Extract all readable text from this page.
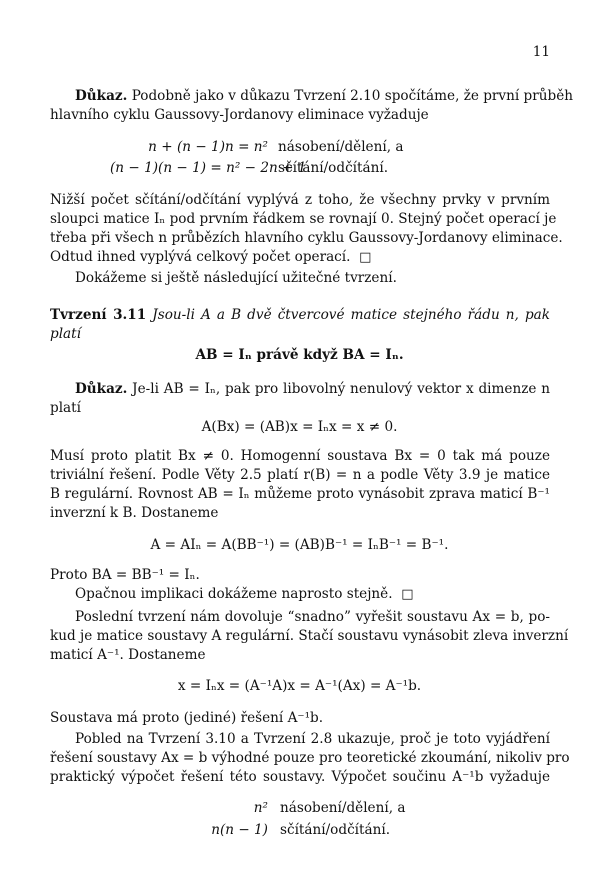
11
Důkaz. Podobně jako v důkazu Tvrzení 2.10 spočítáme, že první průběh
hlavního cyklu Gaussovy-Jordanovy eliminace vyžaduje
n + (n − 1)n = n² násobení/dělení, a
(n − 1)(n − 1) = n² − 2n + 1
sčítání/odčítání.
Nižší počet sčítání/odčítání vyplývá z toho, že všechny prvky v prvním
sloupci matice Iₙ pod prvním řádkem se rovnají 0. Stejný počet operací je
třeba při všech n průbězích hlavního cyklu Gaussovy-Jordanovy eliminace.
Odtud ihned vyplývá celkový počet operací. □
Dokážeme si ještě následující užitečné tvrzení.
Tvrzení 3.11 Jsou-li A a B dvě čtvercové matice stejného řádu n, pak
platí
AB = Iₙ právě když BA = Iₙ.
Důkaz. Je-li AB = Iₙ, pak pro libovolný nenulový vektor x dimenze n
platí
A(Bx) = (AB)x = Iₙx = x ≠ 0.
Musí proto platit Bx ≠ 0. Homogenní soustava Bx = 0 tak má pouze
triviální řešení. Podle Věty 2.5 platí r(B) = n a podle Věty 3.9 je matice
B regulární. Rovnost AB = Iₙ můžeme proto vynásobit zprava maticí B⁻¹
inverzní k B. Dostaneme
A = AIₙ = A(BB⁻¹) = (AB)B⁻¹ = IₙB⁻¹ = B⁻¹.
Proto BA = BB⁻¹ = Iₙ.
Opačnou implikaci dokážeme naprosto stejně. □
Poslední tvrzení nám dovoluje “snadno” vyřešit soustavu Ax = b, po-
kud je matice soustavy A regulární. Stačí soustavu vynásobit zleva inverzní
maticí A⁻¹. Dostaneme
x = Iₙx = (A⁻¹A)x = A⁻¹(Ax) = A⁻¹b.
Soustava má proto (jediné) řešení A⁻¹b.
Pobled na Tvrzení 3.10 a Tvrzení 2.8 ukazuje, proč je toto vyjádření
řešení soustavy Ax = b výhodné pouze pro teoretické zkoumání, nikoliv pro
praktický výpočet řešení této soustavy. Výpočet součinu A⁻¹b vyžaduje
n² násobení/dělení, a
n(n − 1) sčítání/odčítání.
